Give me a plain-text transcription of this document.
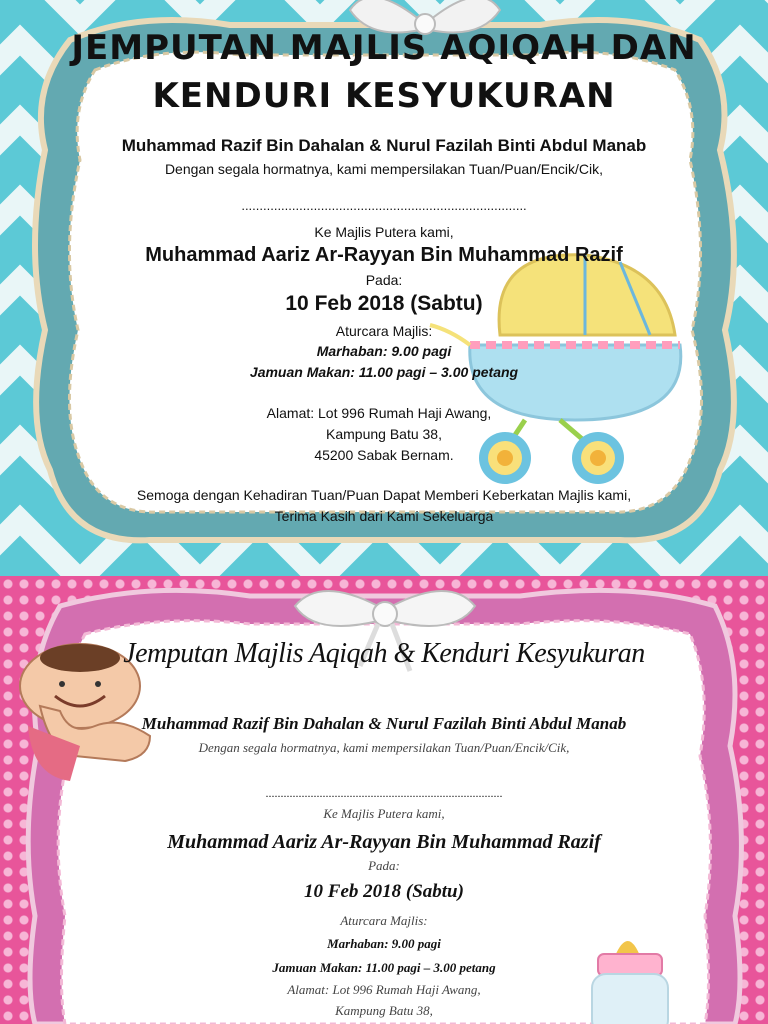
JEMPUTAN MAJLIS AQIQAH DAN
KENDURI KESYUKURAN
Muhammad Razif Bin Dahalan & Nurul Fazilah Binti Abdul Manab
Dengan segala hormatnya, kami mempersilakan Tuan/Puan/Encik/Cik,
...............................................................................
Ke Majlis Putera kami,
Muhammad Aariz Ar-Rayyan Bin Muhammad Razif
Pada:
10 Feb 2018 (Sabtu)
Aturcara Majlis:
Marhaban: 9.00 pagi
Jamuan Makan: 11.00 pagi – 3.00 petang
Alamat: Lot 996 Rumah Haji Awang,
Kampung Batu 38,
45200 Sabak Bernam.
Semoga dengan Kehadiran Tuan/Puan Dapat Memberi Keberkatan Majlis kami,
Terima Kasih dari Kami Sekeluarga
Jemputan Majlis Aqiqah & Kenduri Kesyukuran
Muhammad Razif Bin Dahalan & Nurul Fazilah Binti Abdul Manab
Dengan segala hormatnya, kami mempersilakan Tuan/Puan/Encik/Cik,
...............................................................................
Ke Majlis Putera kami,
Muhammad Aariz Ar-Rayyan Bin Muhammad Razif
Pada:
10 Feb 2018 (Sabtu)
Aturcara Majlis:
Marhaban: 9.00 pagi
Jamuan Makan: 11.00 pagi – 3.00 petang
Alamat: Lot 996 Rumah Haji Awang,
Kampung Batu 38,
